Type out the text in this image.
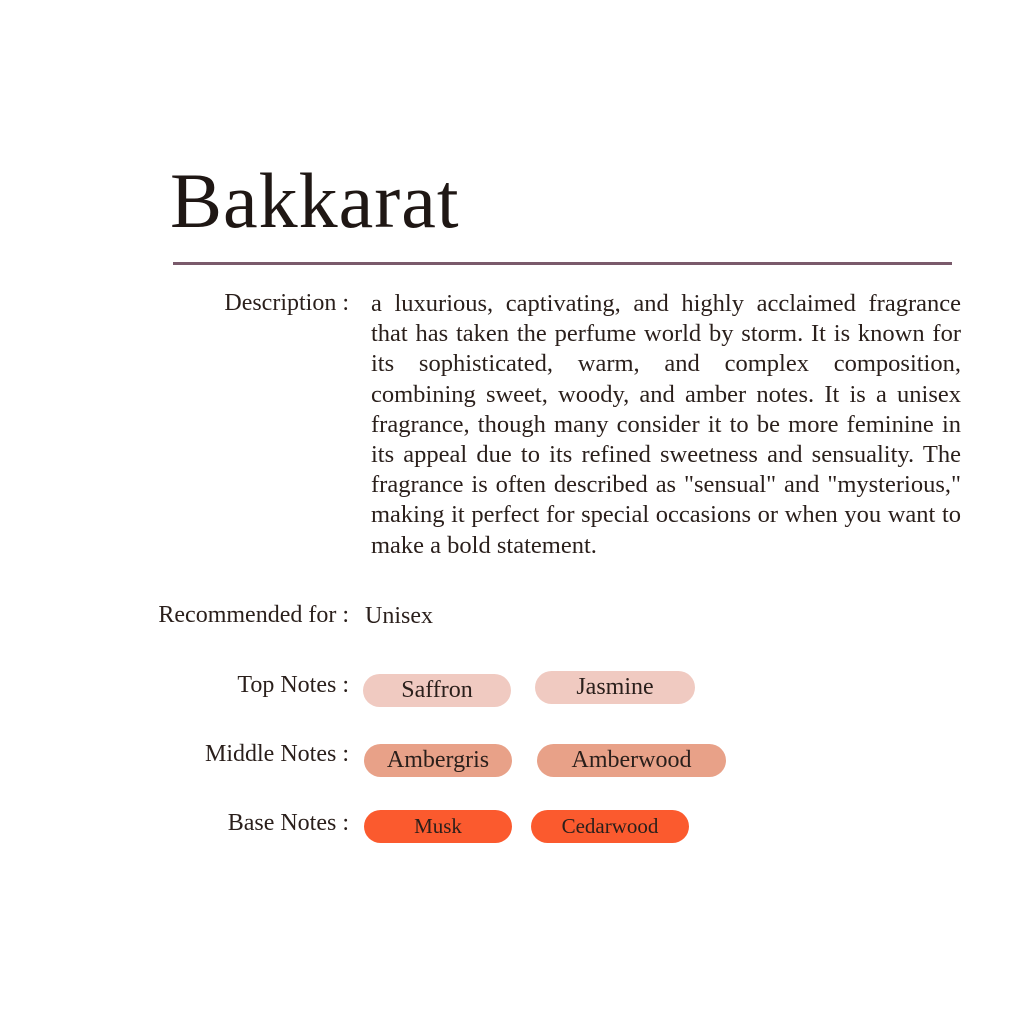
Bakkarat
Description : a luxurious, captivating, and highly acclaimed fragrance that has taken the perfume world by storm. It is known for its sophisticated, warm, and complex composition, combining sweet, woody, and amber notes. It is a unisex fragrance, though many consider it to be more feminine in its appeal due to its refined sweetness and sensuality. The fragrance is often described as "sensual" and "mysterious," making it perfect for special occasions or when you want to make a bold statement.

Recommended for : Unisex
Top Notes :	Saffron	Jasmine
Middle Notes :	Ambergris	Amberwood
Base Notes :	Musk	Cedarwood
